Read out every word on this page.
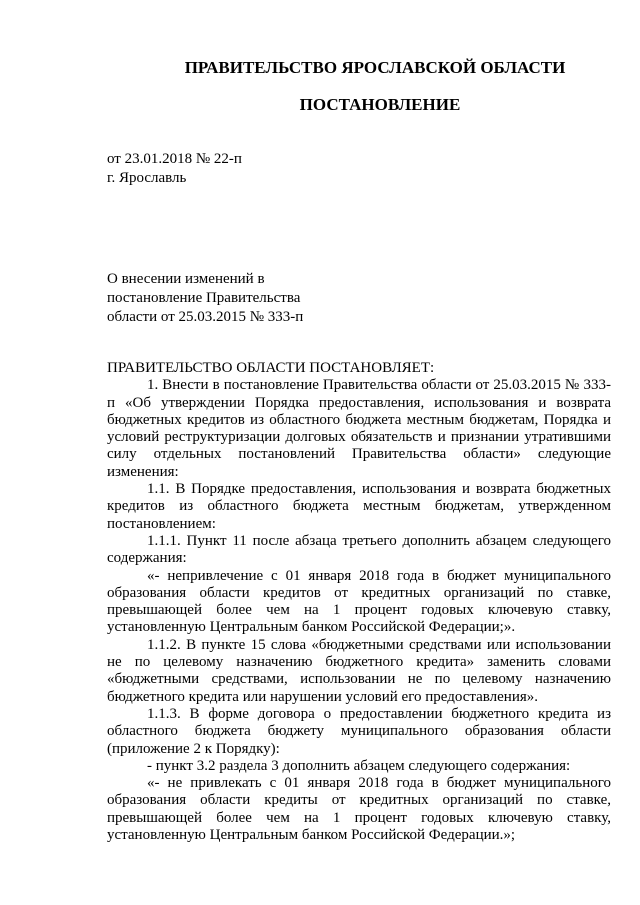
ПРАВИТЕЛЬСТВО ЯРОСЛАВСКОЙ ОБЛАСТИ
ПОСТАНОВЛЕНИЕ
от 23.01.2018 № 22-п
г. Ярославль
О внесении изменений в
постановление Правительства
области от 25.03.2015 № 333-п

ПРАВИТЕЛЬСТВО ОБЛАСТИ ПОСТАНОВЛЯЕТ:

1. Внести в постановление Правительства области от 25.03.2015 № 333-п «Об утверждении Порядка предоставления, использования и возврата бюджетных кредитов из областного бюджета местным бюджетам, Порядка и условий реструктуризации долговых обязательств и признании утратившими силу отдельных постановлений Правительства области» следующие изменения:

1.1. В Порядке предоставления, использования и возврата бюджетных кредитов из областного бюджета местным бюджетам, утвержденном постановлением:

1.1.1. Пункт 11 после абзаца третьего дополнить абзацем следующего содержания:

«- непривлечение с 01 января 2018 года в бюджет муниципального образования области кредитов от кредитных организаций по ставке, превышающей более чем на 1 процент годовых ключевую ставку, установленную Центральным банком Российской Федерации;».

1.1.2. В пункте 15 слова «бюджетными средствами или использовании не по целевому назначению бюджетного кредита» заменить словами «бюджетными средствами, использовании не по целевому назначению бюджетного кредита или нарушении условий его предоставления».

1.1.3. В форме договора о предоставлении бюджетного кредита из областного бюджета бюджету муниципального образования области (приложение 2 к Порядку):

- пункт 3.2 раздела 3 дополнить абзацем следующего содержания:

«- не привлекать с 01 января 2018 года в бюджет муниципального образования области кредиты от кредитных организаций по ставке, превышающей более чем на 1 процент годовых ключевую ставку, установленную Центральным банком Российской Федерации.»;
